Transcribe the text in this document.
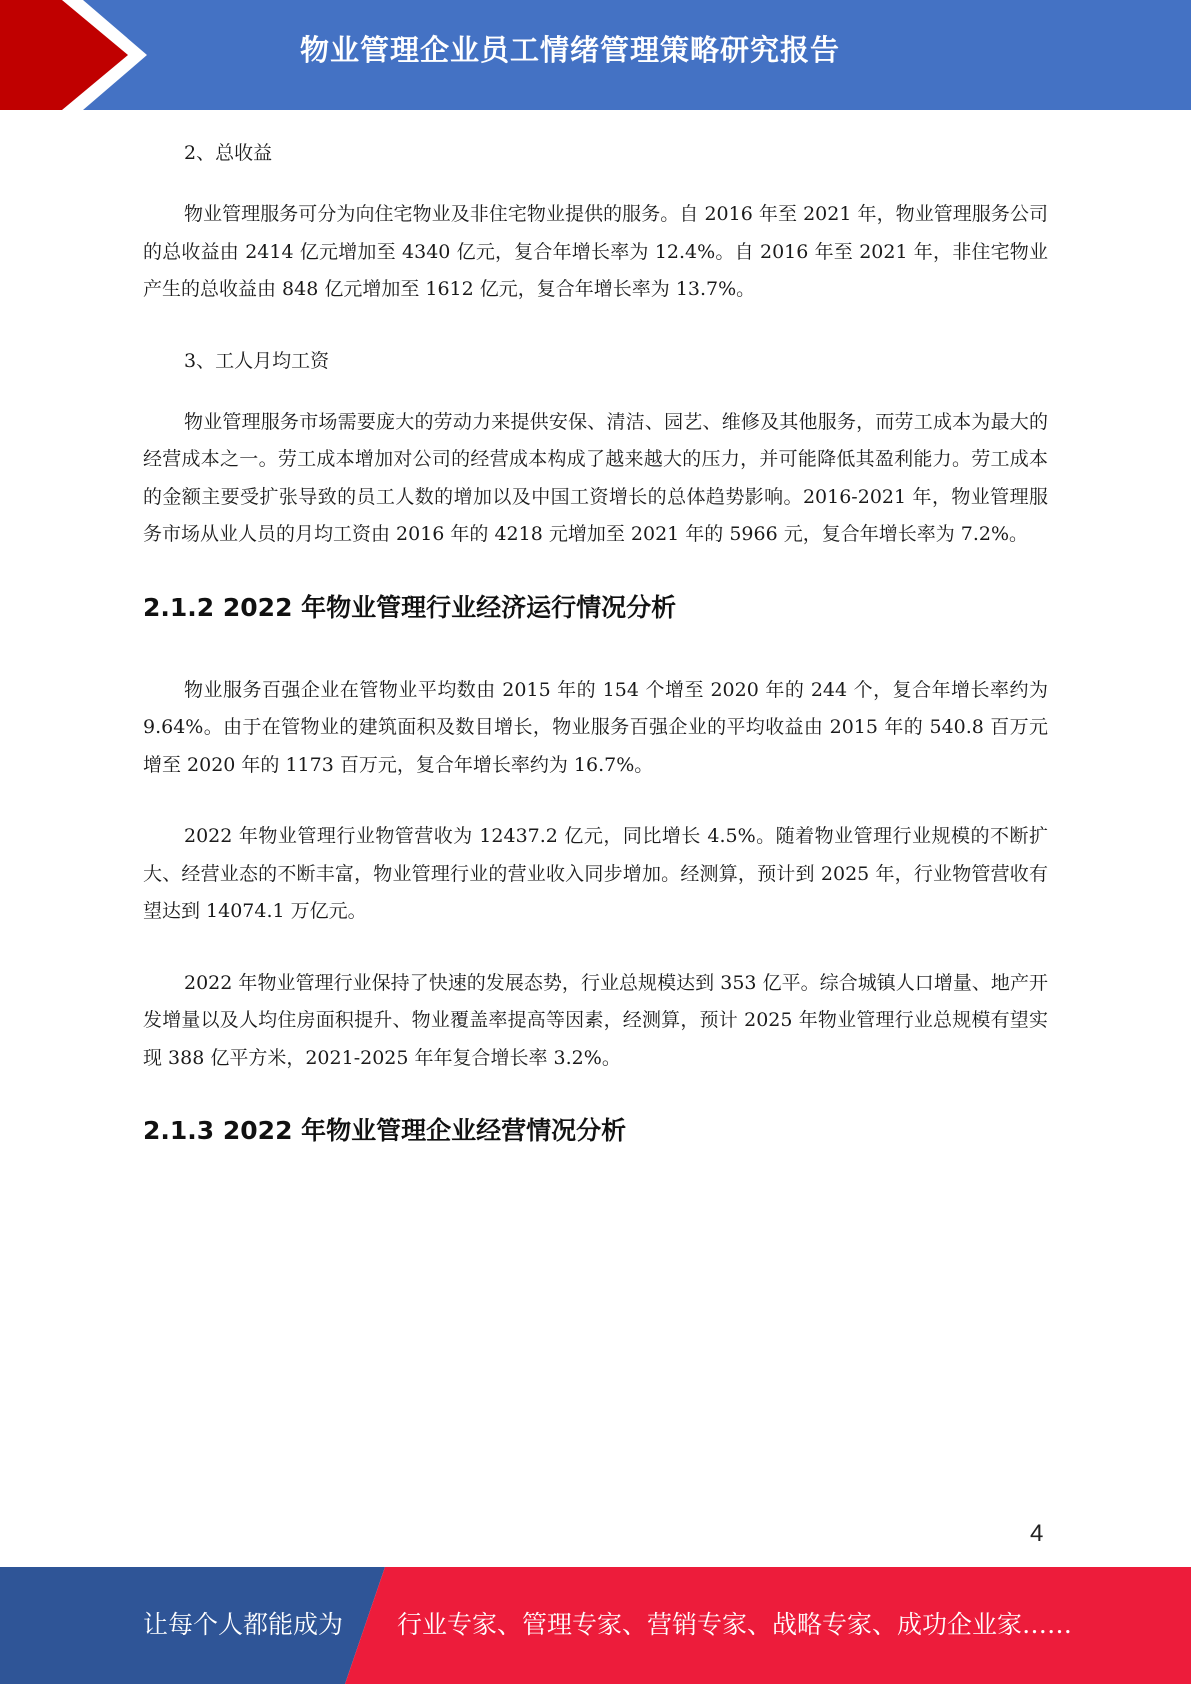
物业管理企业员工情绪管理策略研究报告

2、总收益

物业管理服务可分为向住宅物业及非住宅物业提供的服务。自 2016 年至 2021 年，物业管理服务公司的总收益由 2414 亿元增加至 4340 亿元，复合年增长率为 12.4%。自 2016 年至 2021 年，非住宅物业产生的总收益由 848 亿元增加至 1612 亿元，复合年增长率为 13.7%。

3、工人月均工资

物业管理服务市场需要庞大的劳动力来提供安保、清洁、园艺、维修及其他服务，而劳工成本为最大的经营成本之一。劳工成本增加对公司的经营成本构成了越来越大的压力，并可能降低其盈利能力。劳工成本的金额主要受扩张导致的员工人数的增加以及中国工资增长的总体趋势影响。2016-2021 年，物业管理服务市场从业人员的月均工资由 2016 年的 4218 元增加至 2021 年的 5966 元，复合年增长率为 7.2%。

2.1.2 2022 年物业管理行业经济运行情况分析

物业服务百强企业在管物业平均数由 2015 年的 154 个增至 2020 年的 244 个，复合年增长率约为 9.64%。由于在管物业的建筑面积及数目增长，物业服务百强企业的平均收益由 2015 年的 540.8 百万元增至 2020 年的 1173 百万元，复合年增长率约为 16.7%。

2022 年物业管理行业物管营收为 12437.2 亿元，同比增长 4.5%。随着物业管理行业规模的不断扩大、经营业态的不断丰富，物业管理行业的营业收入同步增加。经测算，预计到 2025 年，行业物管营收有望达到 14074.1 万亿元。

2022 年物业管理行业保持了快速的发展态势，行业总规模达到 353 亿平。综合城镇人口增量、地产开发增量以及人均住房面积提升、物业覆盖率提高等因素，经测算，预计 2025 年物业管理行业总规模有望实现 388 亿平方米，2021-2025 年年复合增长率 3.2%。

2.1.3 2022 年物业管理企业经营情况分析
4
让每个人都能成为 行业专家、管理专家、营销专家、战略专家、成功企业家……
